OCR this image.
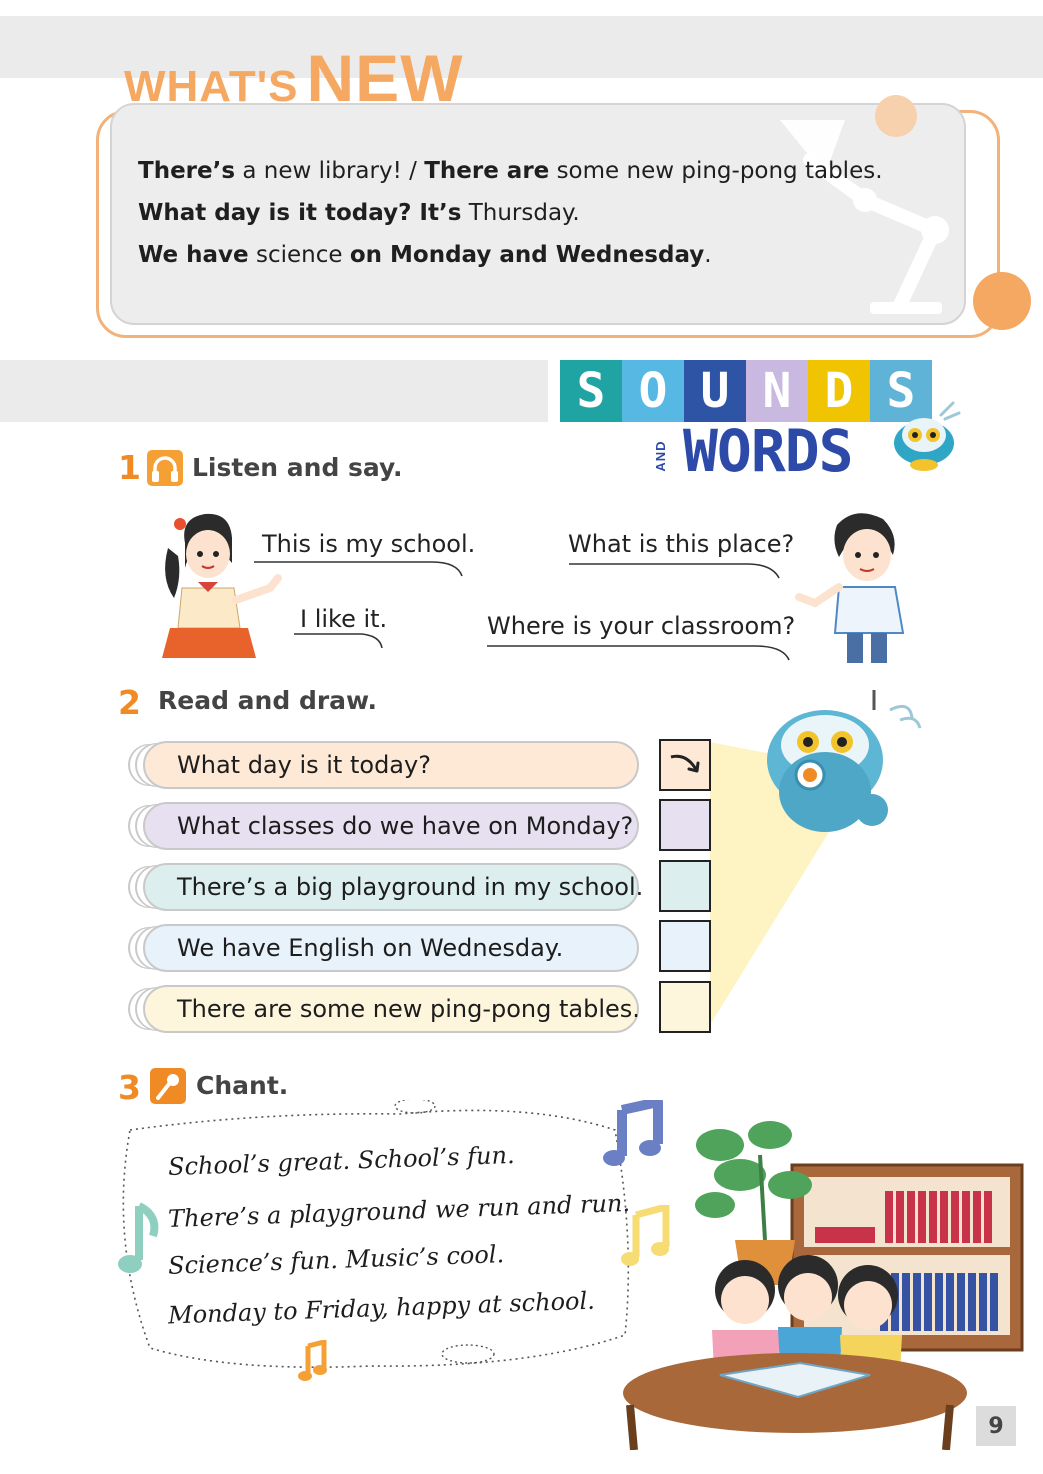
WHAT'S NEW
There’s a new library! / There are some new ping-pong tables.
What day is it today? It’s Thursday.
We have science on Monday and Wednesday.
S O U N D S
AND WORDS
1 Listen and say.
This is my school.
I like it.
What is this place?
Where is your classroom?
2 Read and draw.
What day is it today?
What classes do we have on Monday?
There’s a big playground in my school.
We have English on Wednesday.
There are some new ping-pong tables.
3 Chant.
School’s great. School’s fun.
There’s a playground we run and run.
Science’s fun. Music’s cool.
Monday to Friday, happy at school.
9
